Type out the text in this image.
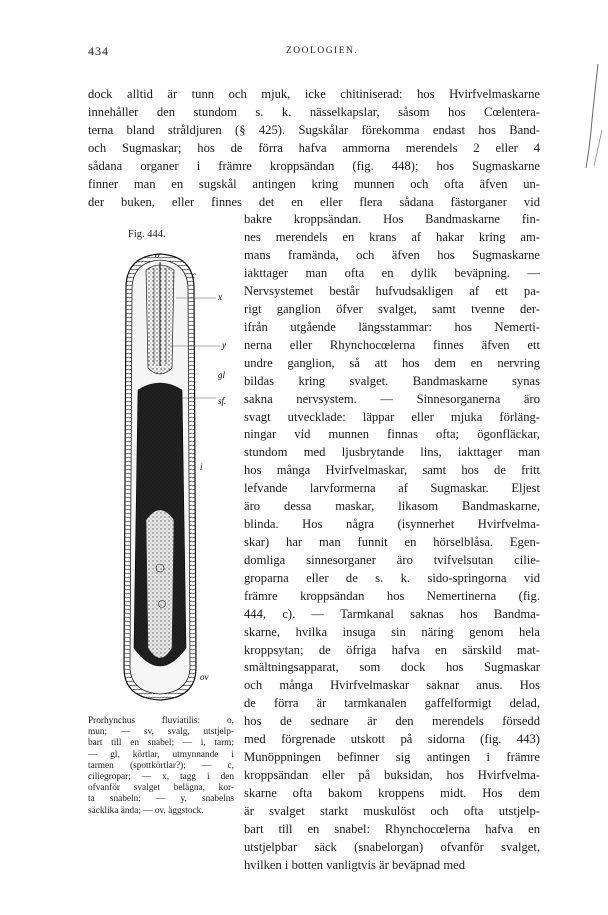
434	ZOOLOGIEN.
dock alltid är tunn och mjuk, icke chitiniserad: hos Hvirfvelmaskarne
innehåller den stundom s. k. nässelkapslar, såsom hos Cœlentera-
terna bland stråldjuren (§ 425). Sugskålar förekomma endast hos Band-
och Sugmaskar; hos de förra hafva ammorna merendels 2 eller 4
sådana organer i främre kroppsändan (fig. 448); hos Sugmaskarne
finner man en sugskål antingen kring munnen och ofta äfven un-
der buken, eller finnes det en eller flera sådana fästorganer vid
bakre kroppsändan. Hos Bandmaskarne fin-
nes merendels en krans af hakar kring am-
mans framända, och äfven hos Sugmaskarne
iakttager man ofta en dylik beväpning. —
Nervsystemet består hufvudsakligen af ett pa-
rigt ganglion öfver svalget, samt tvenne der-
ifrån utgående längsstammar: hos Nemerti-
nerna eller Rhynchocœlerna finnes äfven ett
undre ganglion, så att hos dem en nervring
bildas kring svalget. Bandmaskarne synas
sakna nervsystem. — Sinnesorganerna äro
svagt utvecklade: läppar eller mjuka förläng-
ningar vid munnen finnas ofta; ögonfläckar,
stundom med ljusbrytande lins, iakttager man
hos många Hvirfvelmaskar, samt hos de fritt
lefvande larvformerna af Sugmaskar. Eljest
äro dessa maskar, likasom Bandmaskarne,
blinda. Hos några (isynnerhet Hvirfvelma-
skar) har man funnit en hörselblåsa. Egen-
domliga sinnesorganer äro tvifvelsutan cilie-
groparna eller de s. k. sido-springorna vid
främre kroppsändan hos Nemertinerna (fig.
444, c). — Tarmkanal saknas hos Bandma-
skarne, hvilka insuga sin näring genom hela
kroppsytan; de öfriga hafva en särskild mat-
smältningsapparat, som dock hos Sugmaskar
och många Hvirfvelmaskar saknar anus. Hos
de förra är tarmkanalen gaffelformigt delad,
hos de sednare är den merendels försedd
med förgrenade utskott på sidorna (fig. 443)
Munöppningen befinner sig antingen i främre
kroppsändan eller på buksidan, hos Hvirfvelma-
skarne ofta bakom kroppens midt. Hos dem
är svalget starkt muskulöst och ofta utstjelp-
bart till en snabel: Rhynchocœlerna hafva en
utstjelpbar säck (snabelorgan) ofvanför svalget,
hvilken i botten vanligtvis är beväpnad med
Fig. 444.
o
c
x
y
gl
sf.
i
ov
Prorhynchus fluviatilis: o,
mun; — sv, svalg, utstjelp-
bart till en snabel; — i, tarm;
— gl, körtlar, utmynnande i
tarmen (spottkörtlar?); — c,
ciliegropar; — x, tagg i den
ofvanför svalget belägna, kor-
ta snabeln; — y, snabelns
säcklika ända; — ov, äggstock.
